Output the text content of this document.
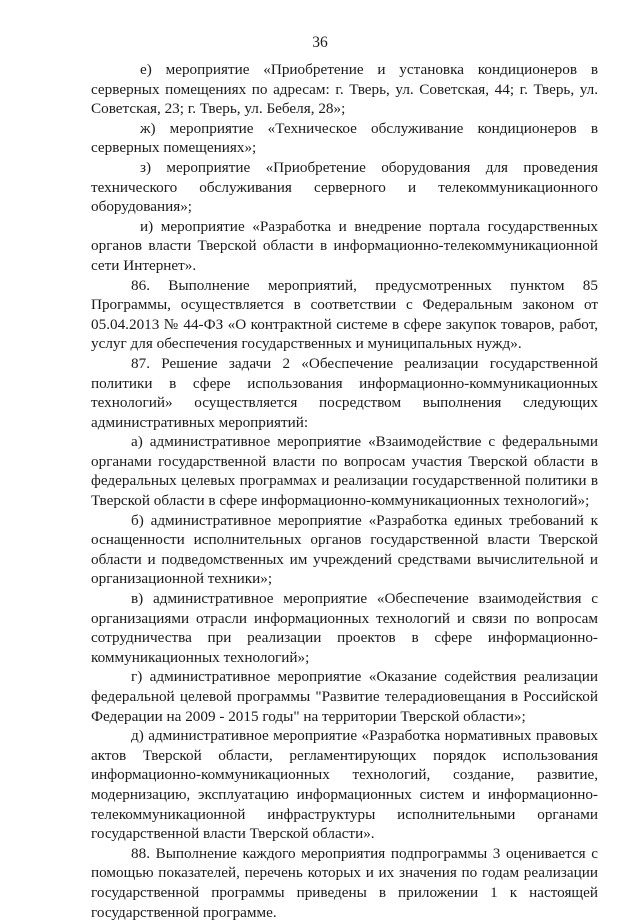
36

е) мероприятие «Приобретение и установка кондиционеров в серверных помещениях по адресам: г. Тверь, ул. Советская, 44; г. Тверь, ул. Советская, 23; г. Тверь, ул. Бебеля, 28»;

ж) мероприятие «Техническое обслуживание кондиционеров в серверных помещениях»;

з) мероприятие «Приобретение оборудования для проведения технического обслуживания серверного и телекоммуникационного оборудования»;

и) мероприятие «Разработка и внедрение портала государственных органов власти Тверской области в информационно-телекоммуникационной сети Интернет».

86. Выполнение мероприятий, предусмотренных пунктом 85 Программы, осуществляется в соответствии с Федеральным законом от 05.04.2013 № 44-ФЗ «О контрактной системе в сфере закупок товаров, работ, услуг для обеспечения государственных и муниципальных нужд».

87. Решение задачи 2 «Обеспечение реализации государственной политики в сфере использования информационно-коммуникационных технологий» осуществляется посредством выполнения следующих административных мероприятий:

а) административное мероприятие «Взаимодействие с федеральными органами государственной власти по вопросам участия Тверской области в федеральных целевых программах и реализации государственной политики в Тверской области в сфере информационно-коммуникационных технологий»;

б) административное мероприятие «Разработка единых требований к оснащенности исполнительных органов государственной власти Тверской области и подведомственных им учреждений средствами вычислительной и организационной техники»;

в) административное мероприятие «Обеспечение взаимодействия с организациями отрасли информационных технологий и связи по вопросам сотрудничества при реализации проектов в сфере информационно-коммуникационных технологий»;

г) административное мероприятие «Оказание содействия реализации федеральной целевой программы "Развитие телерадиовещания в Российской Федерации на 2009 - 2015 годы" на территории Тверской области»;

д) административное мероприятие «Разработка нормативных правовых актов Тверской области, регламентирующих порядок использования информационно-коммуникационных технологий, создание, развитие, модернизацию, эксплуатацию информационных систем и информационно-телекоммуникационной инфраструктуры исполнительными органами государственной власти Тверской области».

88. Выполнение каждого мероприятия подпрограммы 3 оценивается с помощью показателей, перечень которых и их значения по годам реализации государственной программы приведены в приложении 1 к настоящей государственной программе.
